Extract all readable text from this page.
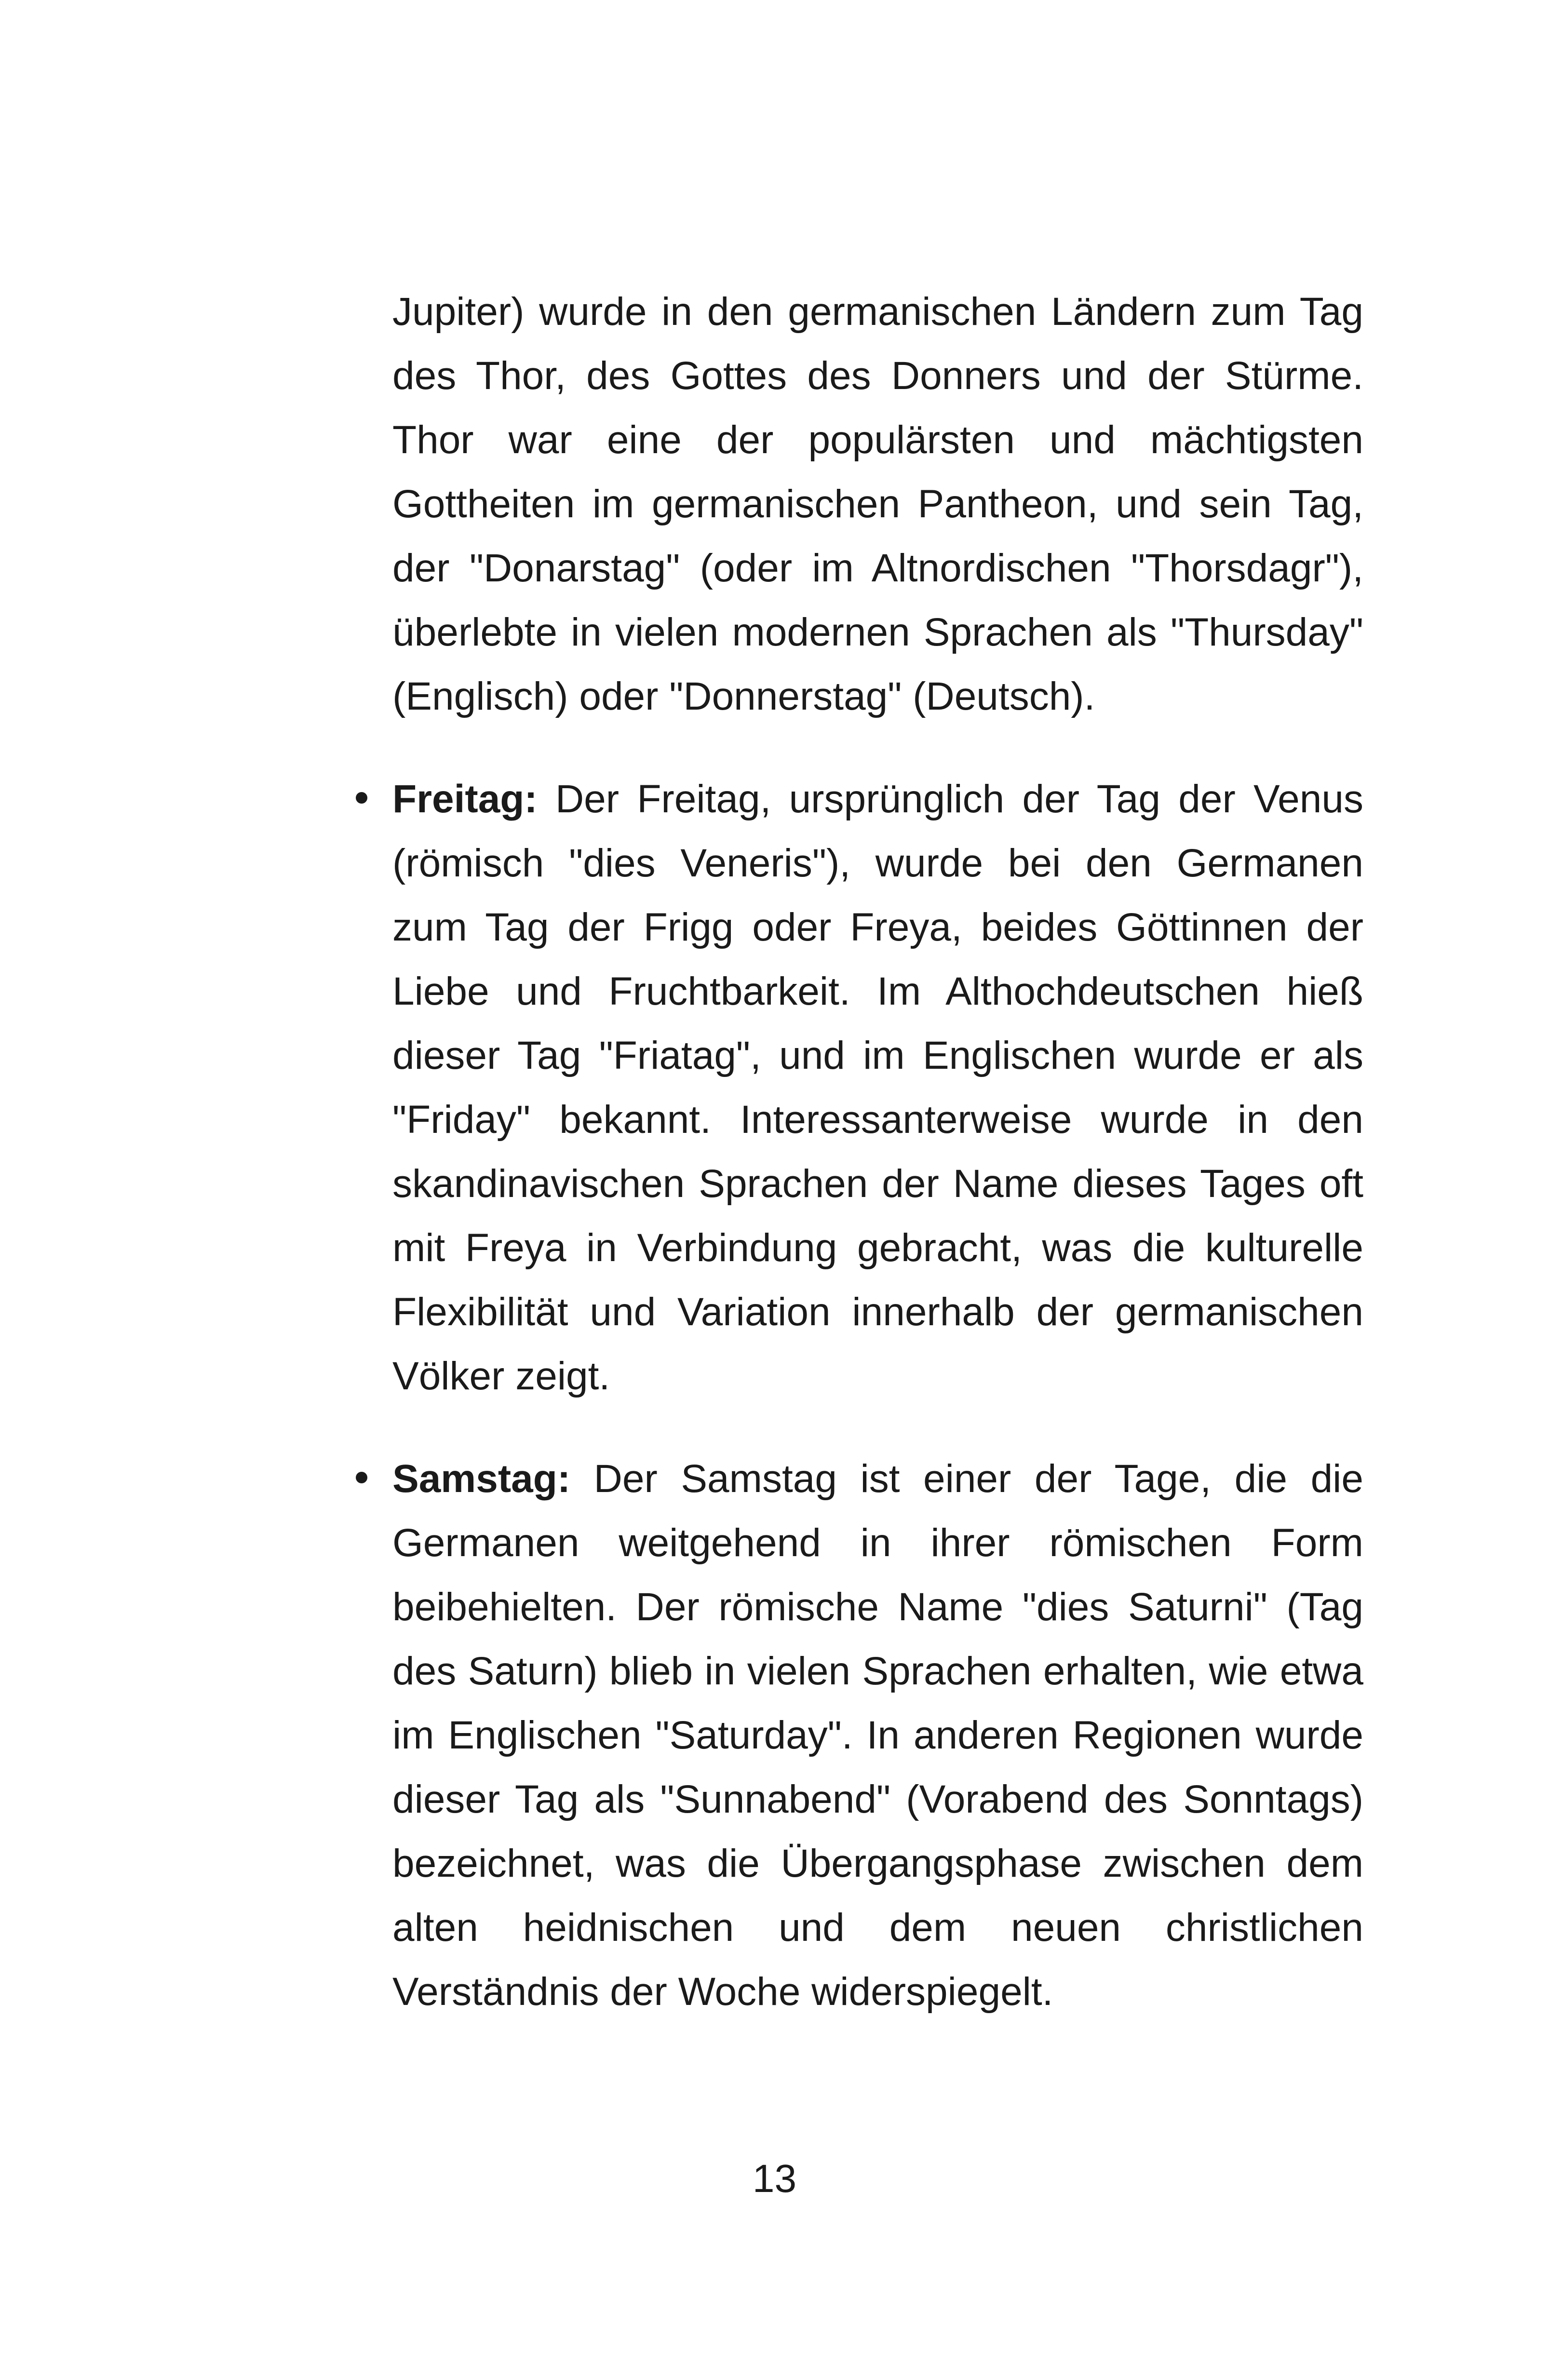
Jupiter) wurde in den germanischen Ländern zum Tag des Thor, des Gottes des Donners und der Stürme. Thor war eine der populärsten und mächtigsten Gottheiten im germanischen Pantheon, und sein Tag, der "Donarstag" (oder im Altnordischen "Thorsdagr"), überlebte in vielen modernen Sprachen als "Thursday" (Englisch) oder "Donnerstag" (Deutsch).

Freitag: Der Freitag, ursprünglich der Tag der Venus (römisch "dies Veneris"), wurde bei den Germanen zum Tag der Frigg oder Freya, beides Göttinnen der Liebe und Fruchtbarkeit. Im Althochdeutschen hieß dieser Tag "Friatag", und im Englischen wurde er als "Friday" bekannt. Interessanterweise wurde in den skandinavischen Sprachen der Name dieses Tages oft mit Freya in Verbindung gebracht, was die kulturelle Flexibilität und Variation innerhalb der germanischen Völker zeigt.

Samstag: Der Samstag ist einer der Tage, die die Germanen weitgehend in ihrer römischen Form beibehielten. Der römische Name "dies Saturni" (Tag des Saturn) blieb in vielen Sprachen erhalten, wie etwa im Englischen "Saturday". In anderen Regionen wurde dieser Tag als "Sunnabend" (Vorabend des Sonntags) bezeichnet, was die Übergangsphase zwischen dem alten heidnischen und dem neuen christlichen Verständnis der Woche widerspiegelt.

13
